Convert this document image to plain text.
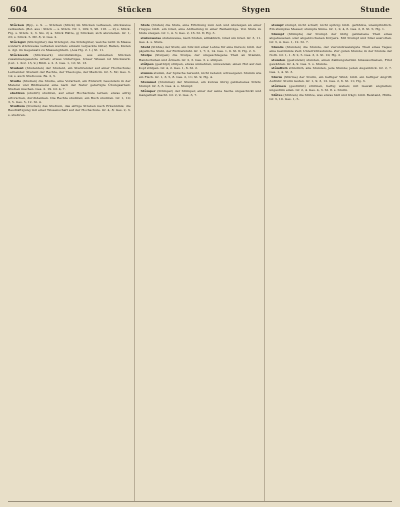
604	Stücken	Stygen	Stunde

Stücken (Bpy., s. S. — Stücken (Stück) im Stücken verkauen, stückweise verkaufen. (Bot. aus : Stück — s. Stück. Nr. 1, 109; 5, 96. 116. — Z) s. Stück. Fig. s. Stück. 2, 3. Sis. 2) a. Stück Hätte, g) Stücken; sich abzuteilen. Gr. 1, 23; s. Stück. 5. Mr. 8, 9. Ges. 2.

Stückgut (Stückgüter) das Stückgut, die Stückgüter, welche nicht in Masse sondern stückweise verladen werden; einzeln verpackte Güter, Ballen, Kisten u. dgl. im Gegensatz zu Massengütern. (Aus Hg. 2. 1.) St. 11.

Stückwerk (Stückwerk) unvollständige, aus einzelnen Stücken zusammengesetzte Arbeit; etwas Unfertiges. Unser Wissen ist Stückwerk. (Lut. 1. Kor. 13, 9.) Bildl. s. 2. 3. Ges. 1, 12; St. 13.

Student (Studenten) der Student, ein Studirender auf einer Hochschule; Lernender. Student der Rechte, der Theologie, der Medicin. Gr. 5. 62; Ges. 3. 14; s. auch Studiosus. Bs. 2, 5.

Studie (Studien) die Studie, eine Vorarbeit, ein Entwurf; besonders in der Malerei und Bildhauerei eine nach der Natur gefertigte Übungsarbeit. Studien machen. Ges. 2. 19. Gr. 4, 7.

studiren (studirt) studiren, auf einer Hochschule lernen; etwas eifrig erforschen, durchdenken. Die Rechte studiren; ein Buch studiren. Gr. 1, 10; 3, 5. Ges. 5, 12. St. 4.

Studium (Studien) das Studium, das eifrige Streben nach Erkenntnis; die Beschäftigung mit einer Wissenschaft auf der Hochschule. Gr. 4, 8; Ges. 2, 3. s. studiren.

Stufe (Stufen) die Stufe, eine Erhöhung zum Auf- und Absteigen an einer Treppe; bildl. ein Grad, eine Abtheilung in einer Reihenfolge. Von Stufe zu Stufe steigen. Gr. 1, 4. 5; Ges. 2, 16. St. 8; Hg. 3.

stufenweise stufenweise, nach Stufen, allmählich, Grad um Grad. Gr. 3, 11. Ges. 4. s. Stufe.

Stuhl (Stühle) der Stuhl, ein Sitz mit einer Lehne für eine Person; bildl. der päpstliche Stuhl, der Richterstuhl. Gr. 1, 7; 2, 14. Ges. 1, 9. St. 6; Hg. 2. 3.

Stulpe (Stulpen) die Stulpe, der umgeschlagene Theil an Stiefeln, Handschuhen und Ärmeln. Gr. 2, 3. Ges. 3. s. stülpen.

stülpen (gestülpt) stülpen, etwas umkehren, umwenden; einen Hut auf den Kopf stülpen. Gr. 4, 2. Ges. 1, 6. St. 2.

stumm stumm, der Sprache beraubt, nicht redend; schweigend. Stumm wie ein Fisch. Gr. 1, 3; 5, 8. Ges. 2, 11; St. 9; Hg. 4.

Stummel (Stummel) der Stummel, ein kurzes übrig gebliebenes Stück; Stumpf. Gr. 3, 6. Ges. 4. s. Stumpf.

Stümper (Stümper) der Stümper, einer der seine Sache ungeschickt und mangelhaft macht. Gr. 2, 9. Ges. 3, 7.

stumpf stumpf, nicht scharf, nicht spitzig; bildl. gefühllos, unempfindlich. Ein stumpfes Messer; stumpfe Sinne. Gr. 1, 2; 4, 6. Ges. 2, 8. St. 5; Hg. 1.

Stumpf (Stümpfe) der Stumpf, der übrig gebliebene Theil eines abgehauenen oder abgebrochenen Körpers. Mit Stumpf und Stiel ausrotten. Gr. 3, 4. Ges. 1, 12. St. 7.

Stunde (Stunden) die Stunde, der vierundzwanzigste Theil eines Tages; eine bestimmte Zeit; Unterrichtsstunde. Zur guten Stunde; in der Stunde der Noth. Gr. 1, 1. 8; 2, 5. Ges. 3, 2. St. 10; Hg. 2.

stunden (gestundet) stunden, einen Zahlungstermin hinausschieben, Frist gewähren. Gr. 4, 9. Ges. 5. s. Stunde.

stündlich stündlich, alle Stunden, jede Stunde; jeden Augenblick. Gr. 2, 7. Ges. 1, 4. St. 3.

Sturm (Stürme) der Sturm, ein heftiger Wind; bildl. ein heftiger Angriff; Aufruhr. Sturm laufen. Gr. 1, 9; 3, 12. Ges. 2, 6. St. 11; Hg. 3.

stürmen (gestürmt) stürmen, heftig wehen; mit Gewalt angreifen; ungestüm eilen. Gr. 2, 4. Ges. 4, 3. St. 8. s. Sturm.

Stütze (Stützen) die Stütze, was etwas hält und trägt; bildl. Beistand, Hülfe. Gr. 3, 10. Ges. 1, 5.
